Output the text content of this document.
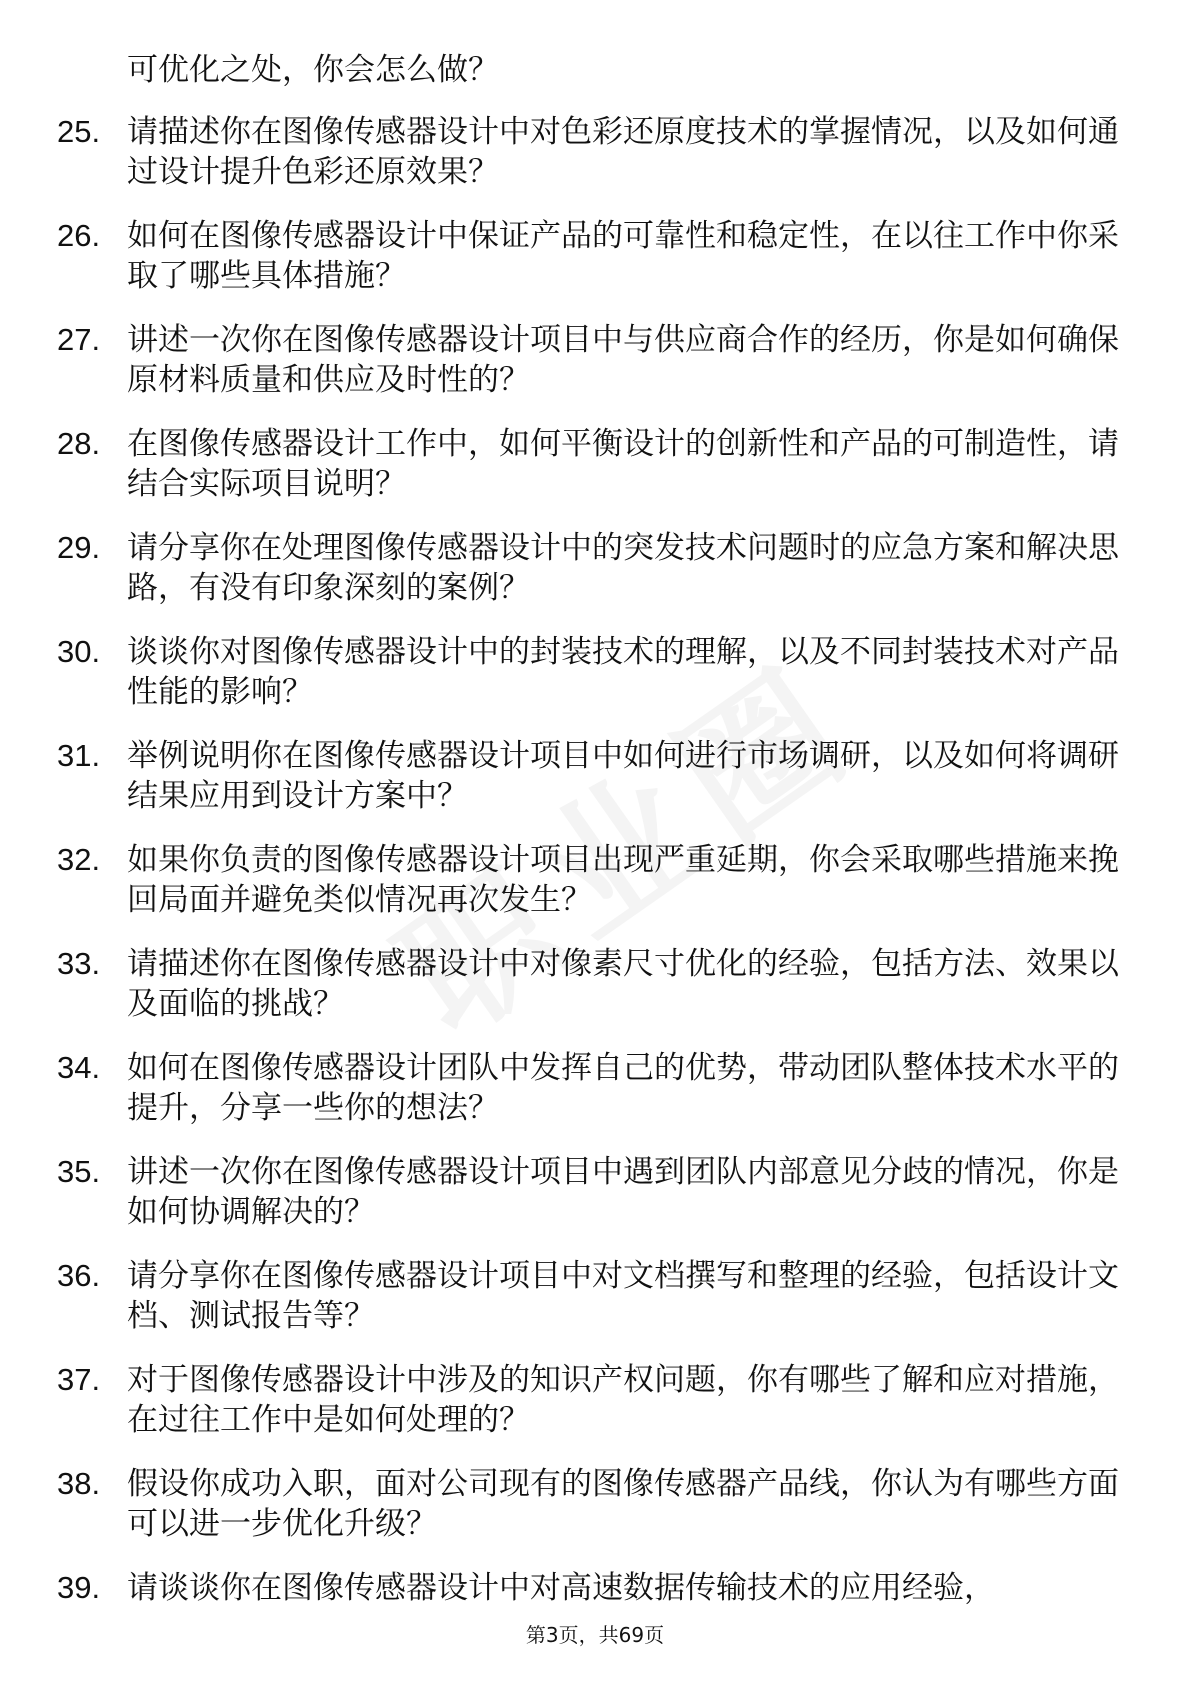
可优化之处，你会怎么做？
25. 请描述你在图像传感器设计中对色彩还原度技术的掌握情况，以及如何通过设计提升色彩还原效果？
26. 如何在图像传感器设计中保证产品的可靠性和稳定性，在以往工作中你采取了哪些具体措施？
27. 讲述一次你在图像传感器设计项目中与供应商合作的经历，你是如何确保原材料质量和供应及时性的？
28. 在图像传感器设计工作中，如何平衡设计的创新性和产品的可制造性，请结合实际项目说明？
29. 请分享你在处理图像传感器设计中的突发技术问题时的应急方案和解决思路，有没有印象深刻的案例？
30. 谈谈你对图像传感器设计中的封装技术的理解，以及不同封装技术对产品性能的影响？
31. 举例说明你在图像传感器设计项目中如何进行市场调研，以及如何将调研结果应用到设计方案中？
32. 如果你负责的图像传感器设计项目出现严重延期，你会采取哪些措施来挽回局面并避免类似情况再次发生？
33. 请描述你在图像传感器设计中对像素尺寸优化的经验，包括方法、效果以及面临的挑战？
34. 如何在图像传感器设计团队中发挥自己的优势，带动团队整体技术水平的提升，分享一些你的想法？
35. 讲述一次你在图像传感器设计项目中遇到团队内部意见分歧的情况，你是如何协调解决的？
36. 请分享你在图像传感器设计项目中对文档撰写和整理的经验，包括设计文档、测试报告等？
37. 对于图像传感器设计中涉及的知识产权问题，你有哪些了解和应对措施，在过往工作中是如何处理的？
38. 假设你成功入职，面对公司现有的图像传感器产品线，你认为有哪些方面可以进一步优化升级？
39. 请谈谈你在图像传感器设计中对高速数据传输技术的应用经验，
第3页，共69页
